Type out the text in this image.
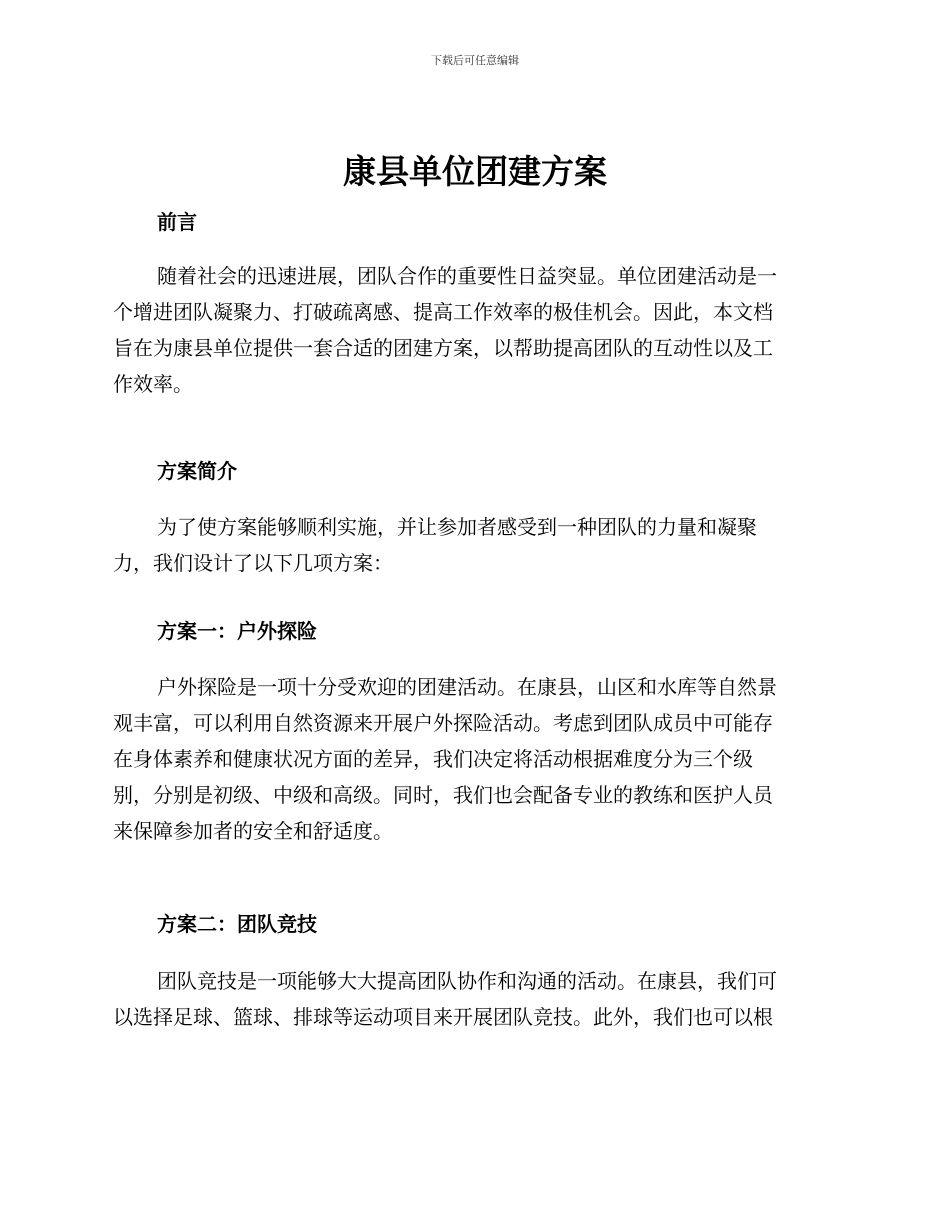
下载后可任意编辑
康县单位团建方案
前言

随着社会的迅速进展，团队合作的重要性日益突显。单位团建活动是一
个增进团队凝聚力、打破疏离感、提高工作效率的极佳机会。因此，本文档
旨在为康县单位提供一套合适的团建方案，以帮助提高团队的互动性以及工
作效率。

方案简介

为了使方案能够顺利实施，并让参加者感受到一种团队的力量和凝聚
力，我们设计了以下几项方案：

方案一：户外探险

户外探险是一项十分受欢迎的团建活动。在康县，山区和水库等自然景
观丰富，可以利用自然资源来开展户外探险活动。考虑到团队成员中可能存
在身体素养和健康状况方面的差异，我们决定将活动根据难度分为三个级
别，分别是初级、中级和高级。同时，我们也会配备专业的教练和医护人员
来保障参加者的安全和舒适度。

方案二：团队竞技

团队竞技是一项能够大大提高团队协作和沟通的活动。在康县，我们可
以选择足球、篮球、排球等运动项目来开展团队竞技。此外，我们也可以根
